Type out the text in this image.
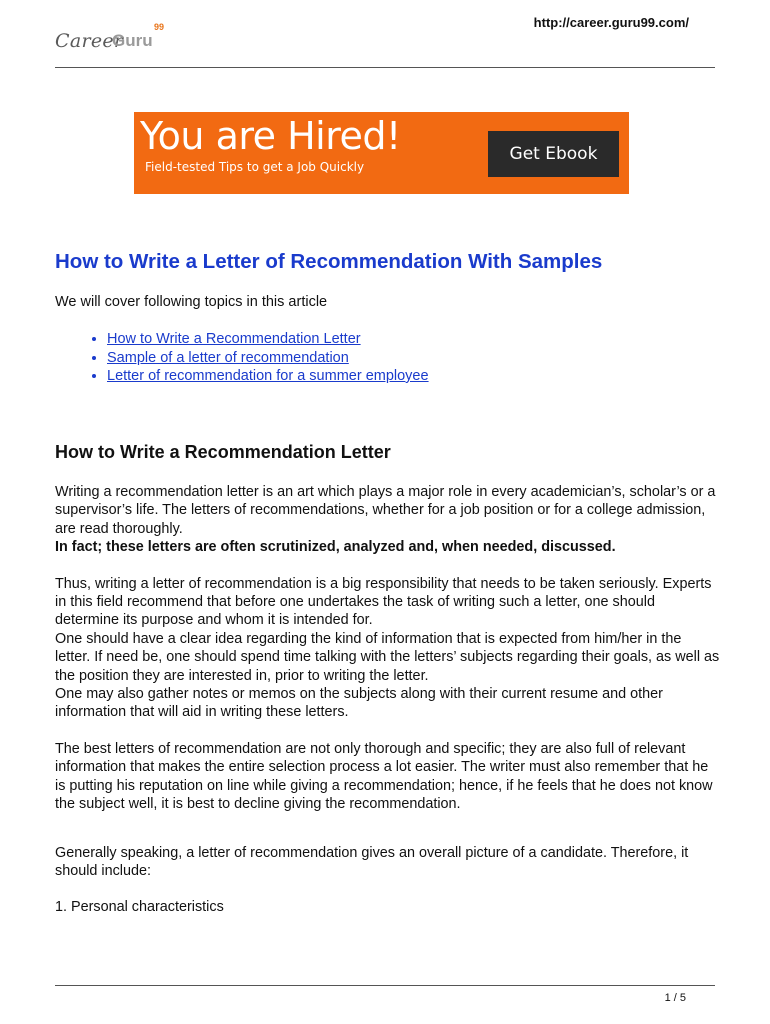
http://career.guru99.com/
Career
Guru
99
You are Hired!
Field-tested Tips to get a Job Quickly
Get Ebook
How to Write a Letter of Recommendation With Samples

We will cover following topics in this article

• How to Write a Recommendation Letter
• Sample of a letter of recommendation
• Letter of recommendation for a summer employee
How to Write a Recommendation Letter

Writing a recommendation letter is an art which plays a major role in every academician’s, scholar’s or a supervisor’s life. The letters of recommendations, whether for a job position or for a college admission, are read thoroughly.

In fact; these letters are often scrutinized, analyzed and, when needed, discussed.

Thus, writing a letter of recommendation is a big responsibility that needs to be taken seriously. Experts in this field recommend that before one undertakes the task of writing such a letter, one should determine its purpose and whom it is intended for.

One should have a clear idea regarding the kind of information that is expected from him/her in the letter. If need be, one should spend time talking with the letters’ subjects regarding their goals, as well as the position they are interested in, prior to writing the letter.

One may also gather notes or memos on the subjects along with their current resume and other information that will aid in writing these letters.

The best letters of recommendation are not only thorough and specific; they are also full of relevant information that makes the entire selection process a lot easier. The writer must also remember that he is putting his reputation on line while giving a recommendation; hence, if he feels that he does not know the subject well, it is best to decline giving the recommendation.

Generally speaking, a letter of recommendation gives an overall picture of a candidate. Therefore, it should include:

1. Personal characteristics

1 / 5
